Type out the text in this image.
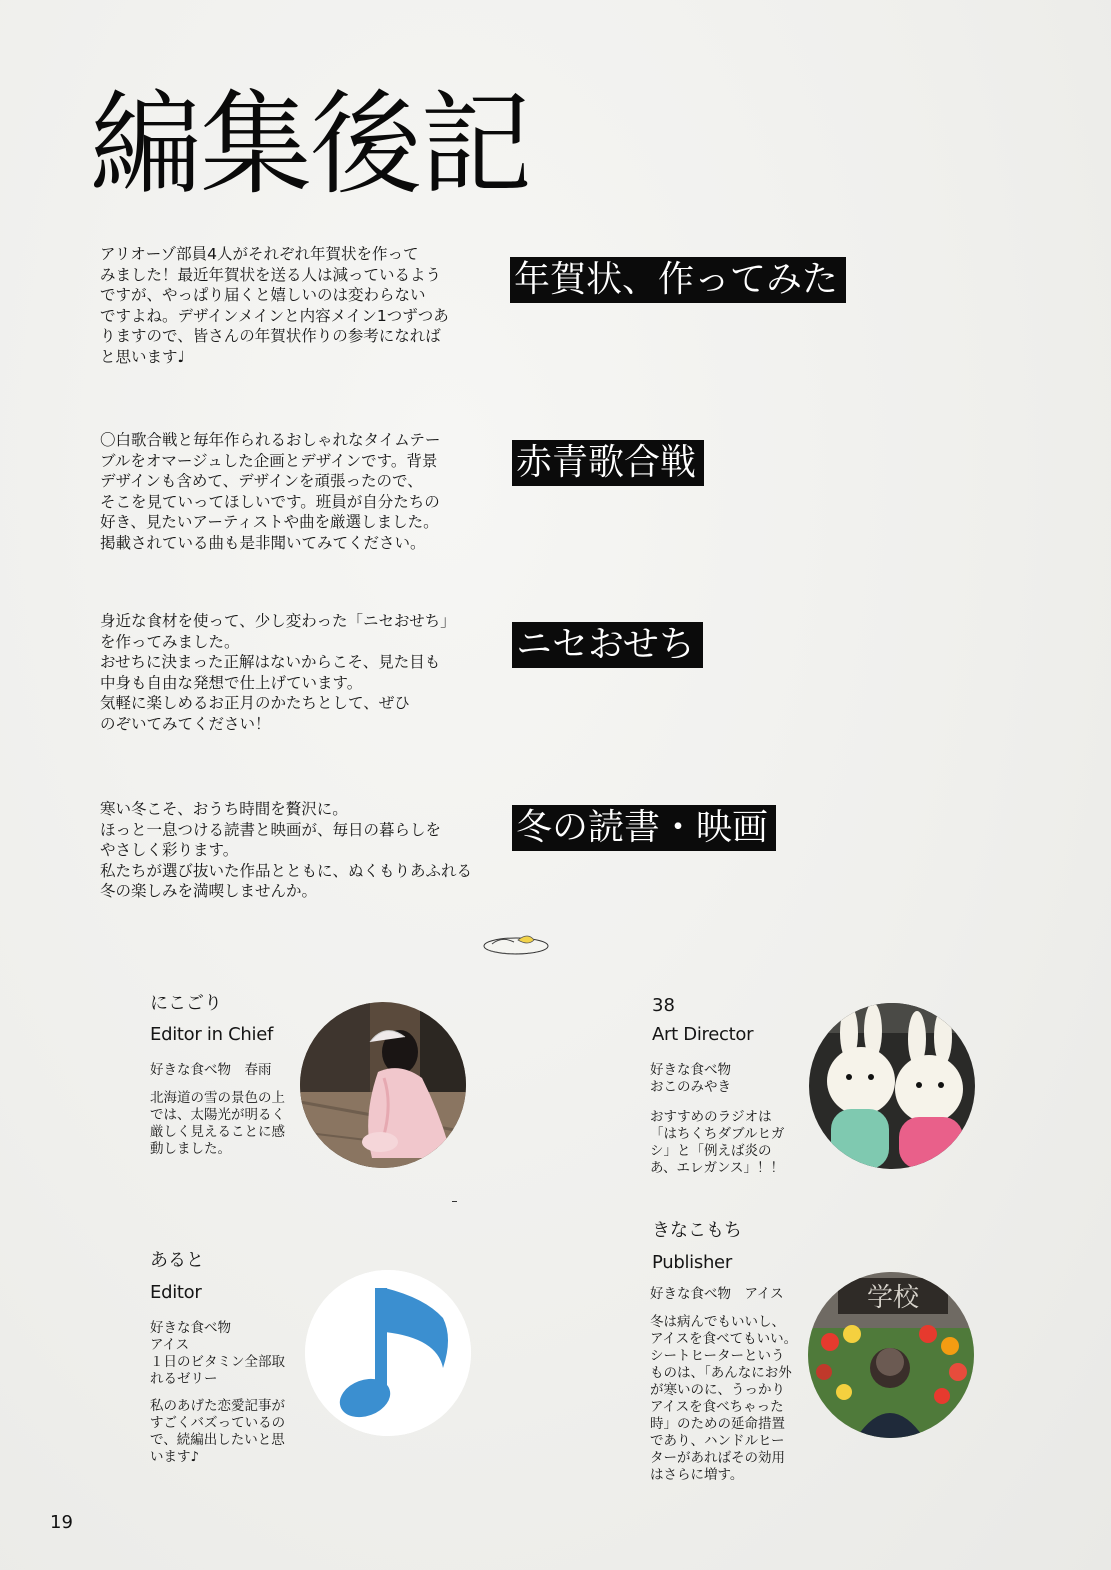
編集後記
アリオーゾ部員4人がそれぞれ年賀状を作って
みました！最近年賀状を送る人は減っているよう
ですが、やっぱり届くと嬉しいのは変わらない
ですよね。デザインメインと内容メイン1つずつあ
りますので、皆さんの年賀状作りの参考になれば
と思います♩
年賀状、作ってみた
〇白歌合戦と毎年作られるおしゃれなタイムテー
ブルをオマージュした企画とデザインです。背景
デザインも含めて、デザインを頑張ったので、
そこを見ていってほしいです。班員が自分たちの
好き、見たいアーティストや曲を厳選しました。
掲載されている曲も是非聞いてみてください。
赤青歌合戦
身近な食材を使って、少し変わった「ニセおせち」
を作ってみました。
おせちに決まった正解はないからこそ、見た目も
中身も自由な発想で仕上げています。
気軽に楽しめるお正月のかたちとして、ぜひ
のぞいてみてください！
ニセおせち
寒い冬こそ、おうち時間を贅沢に。
ほっと一息つける読書と映画が、毎日の暮らしを
やさしく彩ります。
私たちが選び抜いた作品とともに、ぬくもりあふれる
冬の楽しみを満喫しませんか。
冬の読書・映画
にこごり
Editor in Chief
好きな食べ物　春雨
北海道の雪の景色の上
では、太陽光が明るく
厳しく見えることに感
動しました。
38
Art Director
好きな食べ物
おこのみやき
おすすめのラジオは
「はちくちダブルヒガ
シ」と「例えば炎の
あ、エレガンス」！！
あると
Editor
好きな食べ物
アイス
１日のビタミン全部取
れるゼリー
私のあげた恋愛記事が
すごくバズっているの
で、続編出したいと思
います♪
きなこもち
Publisher
好きな食べ物　アイス
冬は病んでもいいし、
アイスを食べてもいい。
シートヒーターという
ものは、「あんなにお外
が寒いのに、うっかり
アイスを食べちゃった
時」のための延命措置
であり、ハンドルヒー
ターがあればその効用
はさらに増す。
学校
19
